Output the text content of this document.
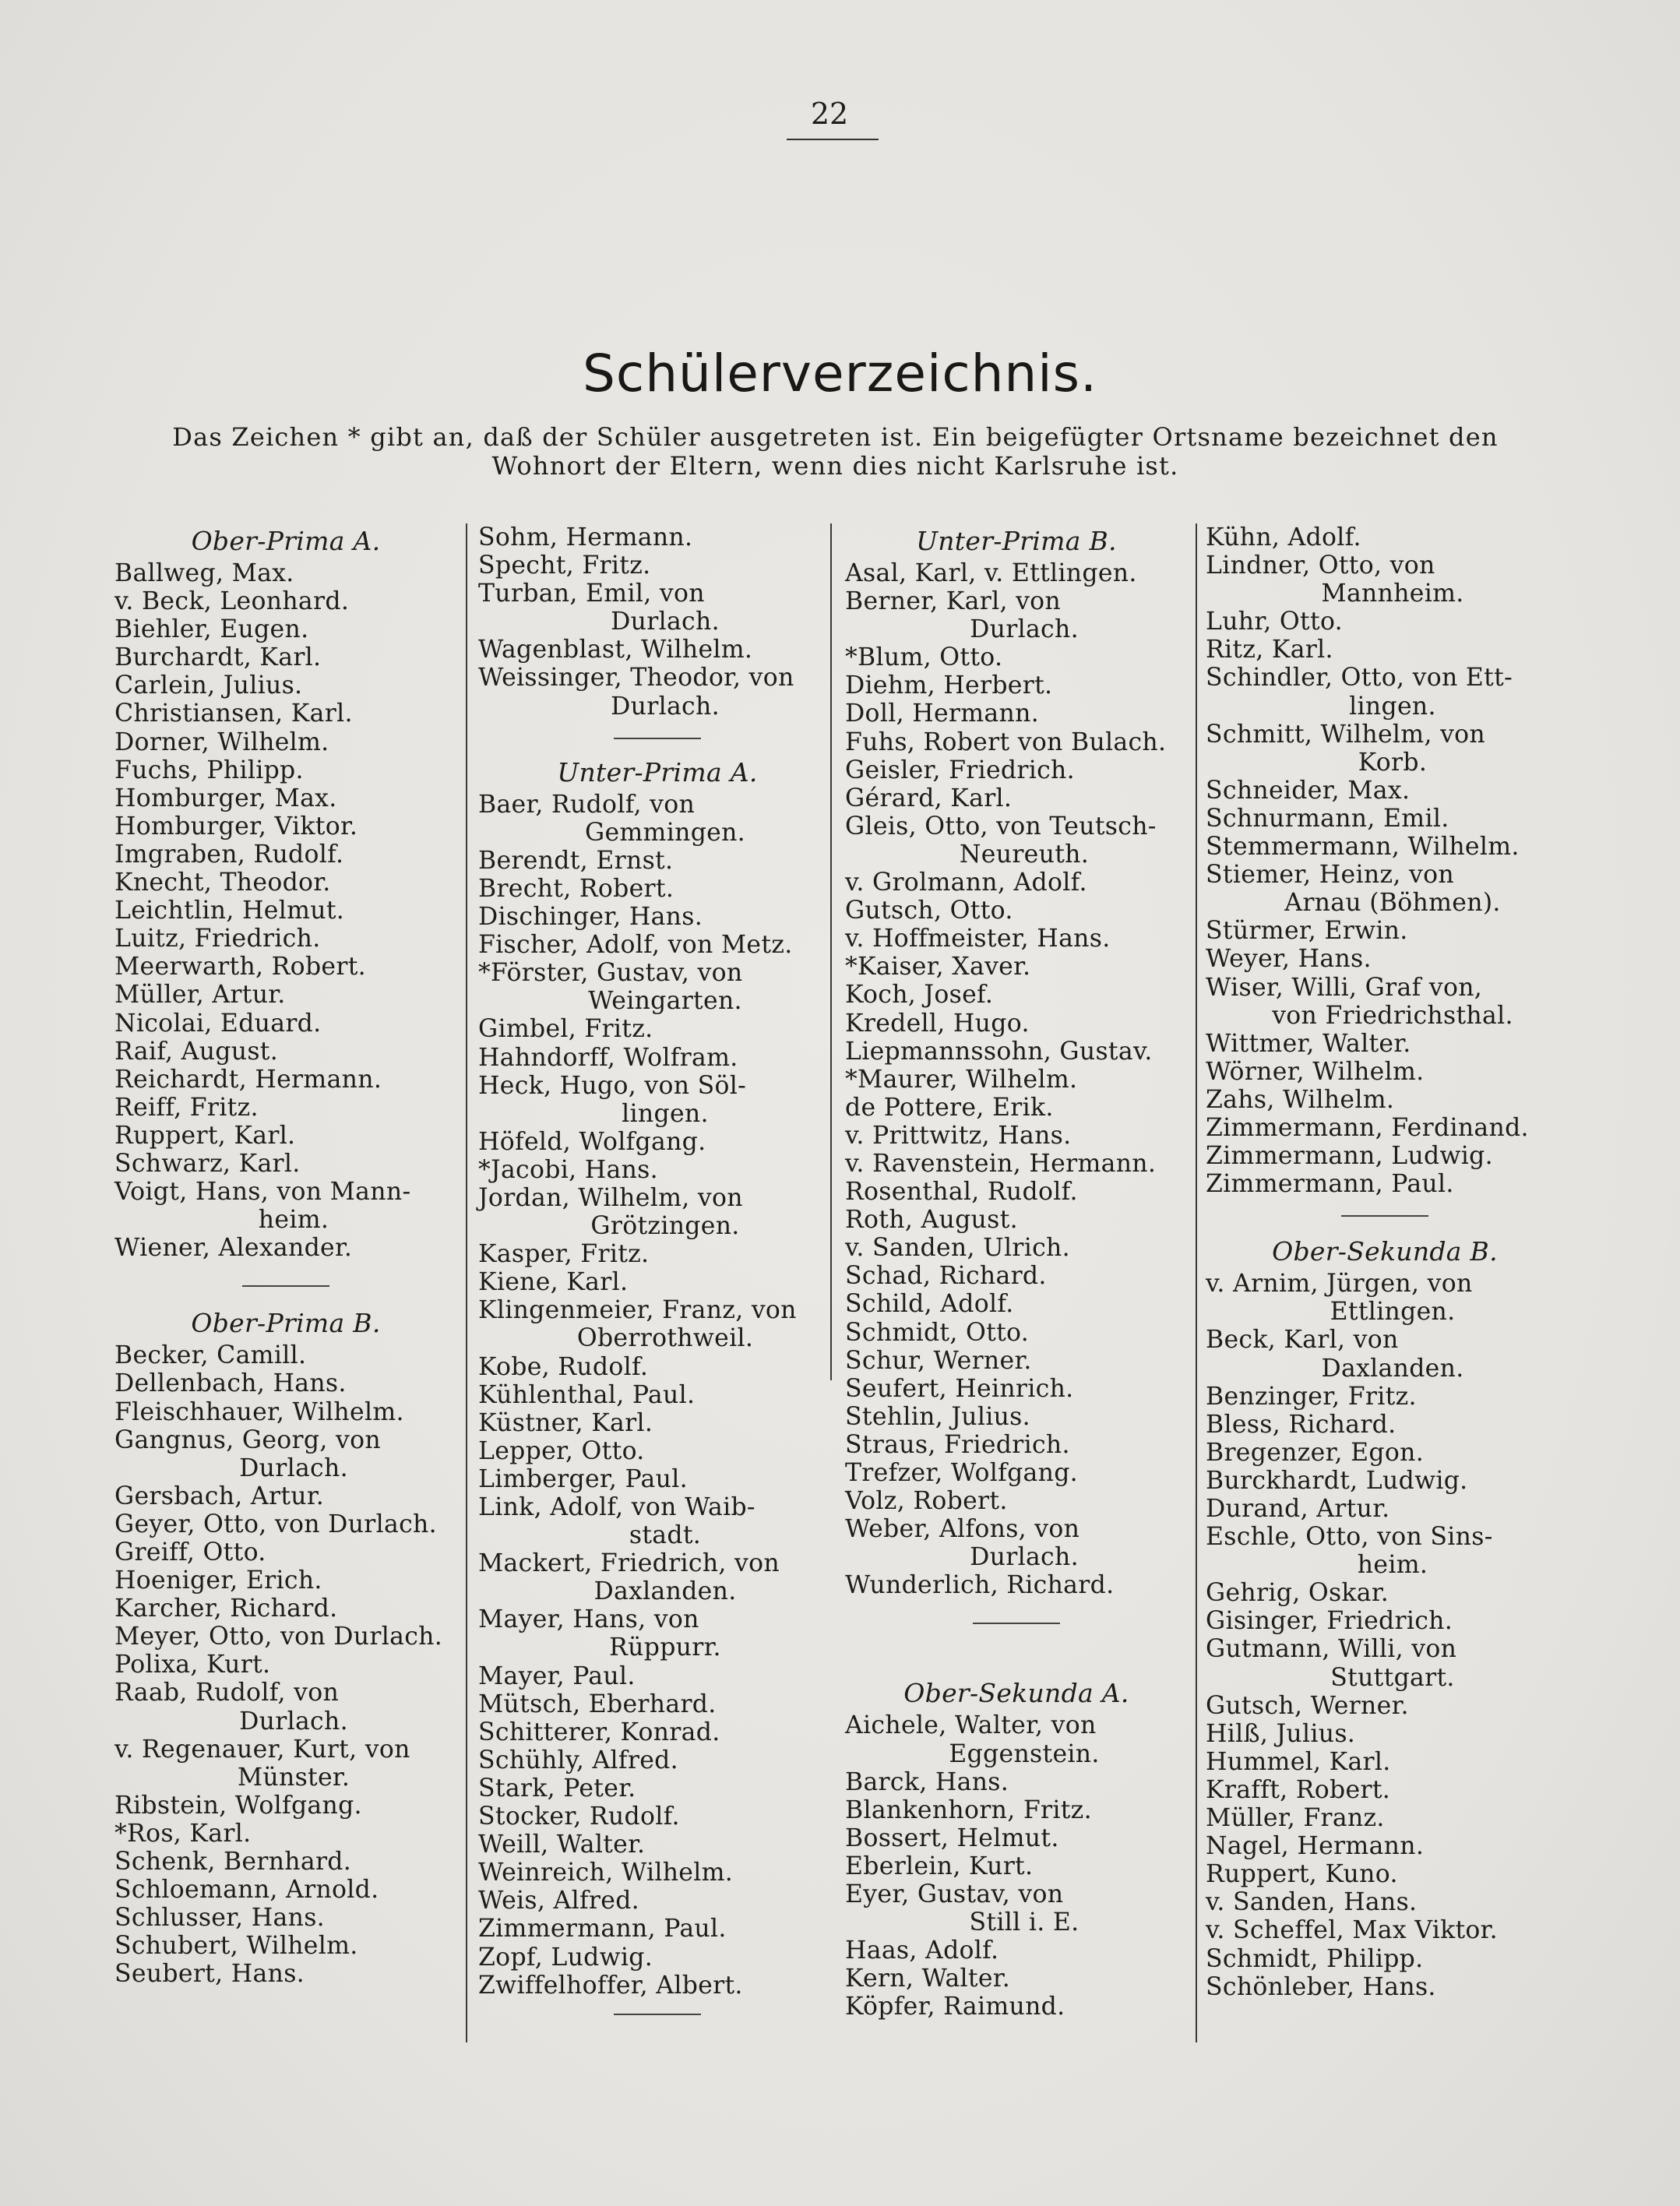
22
Schülerverzeichnis.
Das Zeichen * gibt an, daß der Schüler ausgetreten ist. Ein beigefügter Ortsname bezeichnet den Wohnort der Eltern, wenn dies nicht Karlsruhe ist.
Ober-Prima A.
Ballweg, Max.
v. Beck, Leonhard.
Biehler, Eugen.
Burchardt, Karl.
Carlein, Julius.
Christiansen, Karl.
Dorner, Wilhelm.
Fuchs, Philipp.
Homburger, Max.
Homburger, Viktor.
Imgraben, Rudolf.
Knecht, Theodor.
Leichtlin, Helmut.
Luitz, Friedrich.
Meerwarth, Robert.
Müller, Artur.
Nicolai, Eduard.
Raif, August.
Reichardt, Hermann.
Reiff, Fritz.
Ruppert, Karl.
Schwarz, Karl.
Voigt, Hans, von Mann-
heim.
Wiener, Alexander.
Ober-Prima B.
Becker, Camill.
Dellenbach, Hans.
Fleischhauer, Wilhelm.
Gangnus, Georg, von
Durlach.
Gersbach, Artur.
Geyer, Otto, von Durlach.
Greiff, Otto.
Hoeniger, Erich.
Karcher, Richard.
Meyer, Otto, von Durlach.
Polixa, Kurt.
Raab, Rudolf, von
Durlach.
v. Regenauer, Kurt, von
Münster.
Ribstein, Wolfgang.
*Ros, Karl.
Schenk, Bernhard.
Schloemann, Arnold.
Schlusser, Hans.
Schubert, Wilhelm.
Seubert, Hans.
Sohm, Hermann.
Specht, Fritz.
Turban, Emil, von
Durlach.
Wagenblast, Wilhelm.
Weissinger, Theodor, von
Durlach.
Unter-Prima A.
Baer, Rudolf, von
Gemmingen.
Berendt, Ernst.
Brecht, Robert.
Dischinger, Hans.
Fischer, Adolf, von Metz.
*Förster, Gustav, von
Weingarten.
Gimbel, Fritz.
Hahndorff, Wolfram.
Heck, Hugo, von Söl-
lingen.
Höfeld, Wolfgang.
*Jacobi, Hans.
Jordan, Wilhelm, von
Grötzingen.
Kasper, Fritz.
Kiene, Karl.
Klingenmeier, Franz, von
Oberrothweil.
Kobe, Rudolf.
Kühlenthal, Paul.
Küstner, Karl.
Lepper, Otto.
Limberger, Paul.
Link, Adolf, von Waib-
stadt.
Mackert, Friedrich, von
Daxlanden.
Mayer, Hans, von
Rüppurr.
Mayer, Paul.
Mütsch, Eberhard.
Schitterer, Konrad.
Schühly, Alfred.
Stark, Peter.
Stocker, Rudolf.
Weill, Walter.
Weinreich, Wilhelm.
Weis, Alfred.
Zimmermann, Paul.
Zopf, Ludwig.
Zwiffelhoffer, Albert.
Unter-Prima B.
Asal, Karl, v. Ettlingen.
Berner, Karl, von
Durlach.
*Blum, Otto.
Diehm, Herbert.
Doll, Hermann.
Fuhs, Robert von Bulach.
Geisler, Friedrich.
Gérard, Karl.
Gleis, Otto, von Teutsch-
Neureuth.
v. Grolmann, Adolf.
Gutsch, Otto.
v. Hoffmeister, Hans.
*Kaiser, Xaver.
Koch, Josef.
Kredell, Hugo.
Liepmannssohn, Gustav.
*Maurer, Wilhelm.
de Pottere, Erik.
v. Prittwitz, Hans.
v. Ravenstein, Hermann.
Rosenthal, Rudolf.
Roth, August.
v. Sanden, Ulrich.
Schad, Richard.
Schild, Adolf.
Schmidt, Otto.
Schur, Werner.
Seufert, Heinrich.
Stehlin, Julius.
Straus, Friedrich.
Trefzer, Wolfgang.
Volz, Robert.
Weber, Alfons, von
Durlach.
Wunderlich, Richard.
Ober-Sekunda A.
Aichele, Walter, von
Eggenstein.
Barck, Hans.
Blankenhorn, Fritz.
Bossert, Helmut.
Eberlein, Kurt.
Eyer, Gustav, von
Still i. E.
Haas, Adolf.
Kern, Walter.
Köpfer, Raimund.
Kühn, Adolf.
Lindner, Otto, von
Mannheim.
Luhr, Otto.
Ritz, Karl.
Schindler, Otto, von Ett-
lingen.
Schmitt, Wilhelm, von
Korb.
Schneider, Max.
Schnurmann, Emil.
Stemmermann, Wilhelm.
Stiemer, Heinz, von
Arnau (Böhmen).
Stürmer, Erwin.
Weyer, Hans.
Wiser, Willi, Graf von,
von Friedrichsthal.
Wittmer, Walter.
Wörner, Wilhelm.
Zahs, Wilhelm.
Zimmermann, Ferdinand.
Zimmermann, Ludwig.
Zimmermann, Paul.
Ober-Sekunda B.
v. Arnim, Jürgen, von
Ettlingen.
Beck, Karl, von
Daxlanden.
Benzinger, Fritz.
Bless, Richard.
Bregenzer, Egon.
Burckhardt, Ludwig.
Durand, Artur.
Eschle, Otto, von Sins-
heim.
Gehrig, Oskar.
Gisinger, Friedrich.
Gutmann, Willi, von
Stuttgart.
Gutsch, Werner.
Hilß, Julius.
Hummel, Karl.
Krafft, Robert.
Müller, Franz.
Nagel, Hermann.
Ruppert, Kuno.
v. Sanden, Hans.
v. Scheffel, Max Viktor.
Schmidt, Philipp.
Schönleber, Hans.
